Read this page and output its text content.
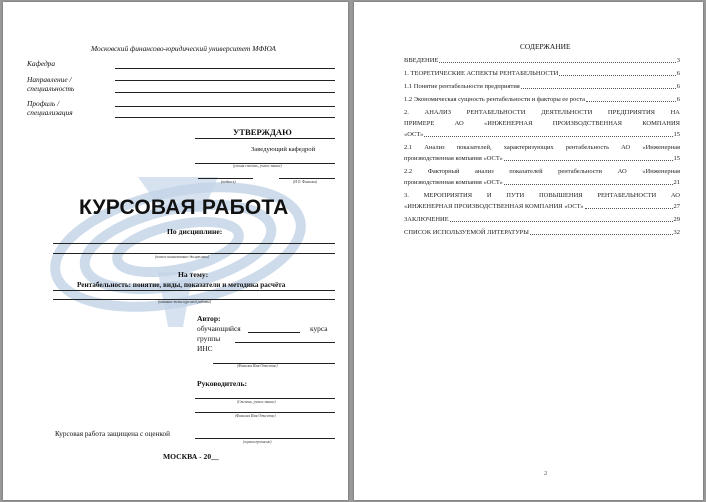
Московский финансово-юридический университет МФЮА
Кафедра
Направление /
специальность
Профиль /
специализация
УТВЕРЖДАЮ
Заведующий кафедрой
(ученая степень, ученое звание)
(подпись)	(И.О. Фамилия)
КУРСОВАЯ РАБОТА
По дисциплине:
(полное наименование дисциплины)
На тему:
Рентабельность: понятие, виды, показатели и методика расчёта
(название темы курсовой работы)
Автор:
обучающийся	курса
группы
ИНС
(Фамилия Имя Отчество)
Руководитель:
(Степень, ученое звание)
(Фамилия Имя Отчество)
Курсовая работа защищена с оценкой
(оценка прописью)
МОСКВА - 20__
СОДЕРЖАНИЕ
ВВЕДЕНИЕ	3
1. ТЕОРЕТИЧЕСКИЕ АСПЕКТЫ РЕНТАБЕЛЬНОСТИ	6
1.1 Понятие рентабельности предприятия	6
1.2 Экономическая сущность рентабельности и факторы ее роста	6
2. АНАЛИЗ РЕНТАБЕЛЬНОСТИ ДЕЯТЕЛЬНОСТИ ПРЕДПРИЯТИЯ НА
ПРИМЕРЕ АО «ИНЖЕНЕРНАЯ ПРОИЗВОДСТВЕННАЯ КОМПАНИЯ
«ОСТ»	15
2.1 Анализ показателей, характеризующих рентабельность АО «Инженерная
производственная компания «ОСТ»	15
2.2 Факторный анализ показателей рентабельности АО «Инженерная
производственная компания «ОСТ»	21
3. МЕРОПРИЯТИЯ И ПУТИ ПОВЫШЕНИЯ РЕНТАБЕЛЬНОСТИ АО
«ИНЖЕНЕРНАЯ ПРОИЗВОДСТВЕННАЯ КОМПАНИЯ «ОСТ»	27
ЗАКЛЮЧЕНИЕ	29
СПИСОК ИСПОЛЬЗУЕМОЙ ЛИТЕРАТУРЫ	32
2
